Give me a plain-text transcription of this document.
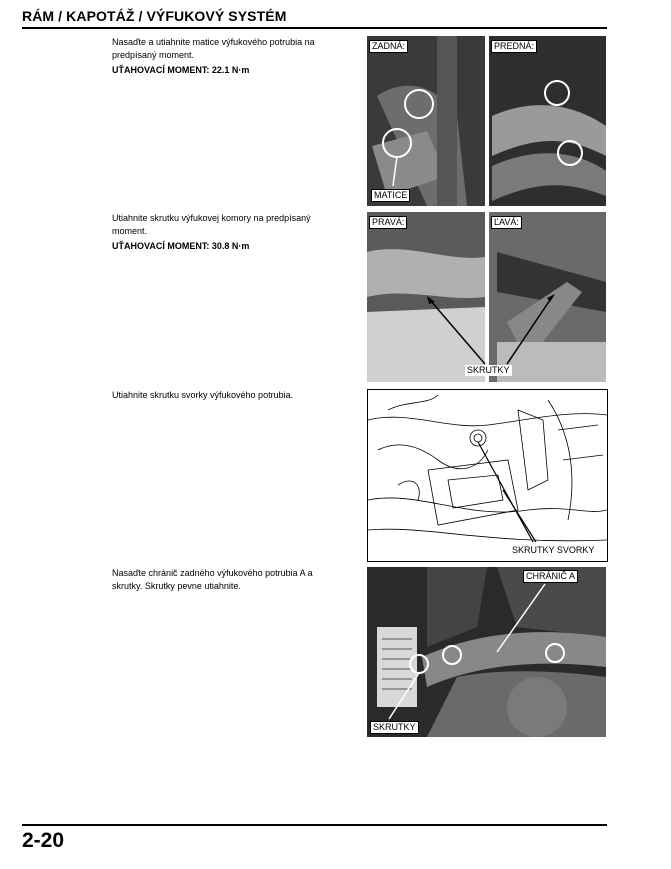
RÁM / KAPOTÁŽ / VÝFUKOVÝ SYSTÉM

Nasaďte a utiahnite matice výfukového potrubia na

predpísaný moment.

UŤAHOVACÍ MOMENT: 22.1 N·m

ZADNÁ:	PREDNÁ:
MATICE

Utiahnite skrutku výfukovej komory na predpísaný

moment.

UŤAHOVACÍ MOMENT: 30.8 N·m

PRAVÁ:	ĽAVÁ:
SKRUTKY

Utiahnite skrutku svorky výfukového potrubia.

SKRUTKY SVORKY

Nasaďte chránič zadného výfukového potrubia A a

skrutky. Skrutky pevne utiahnite.

CHRÁNIČ A
SKRUTKY
2-20
